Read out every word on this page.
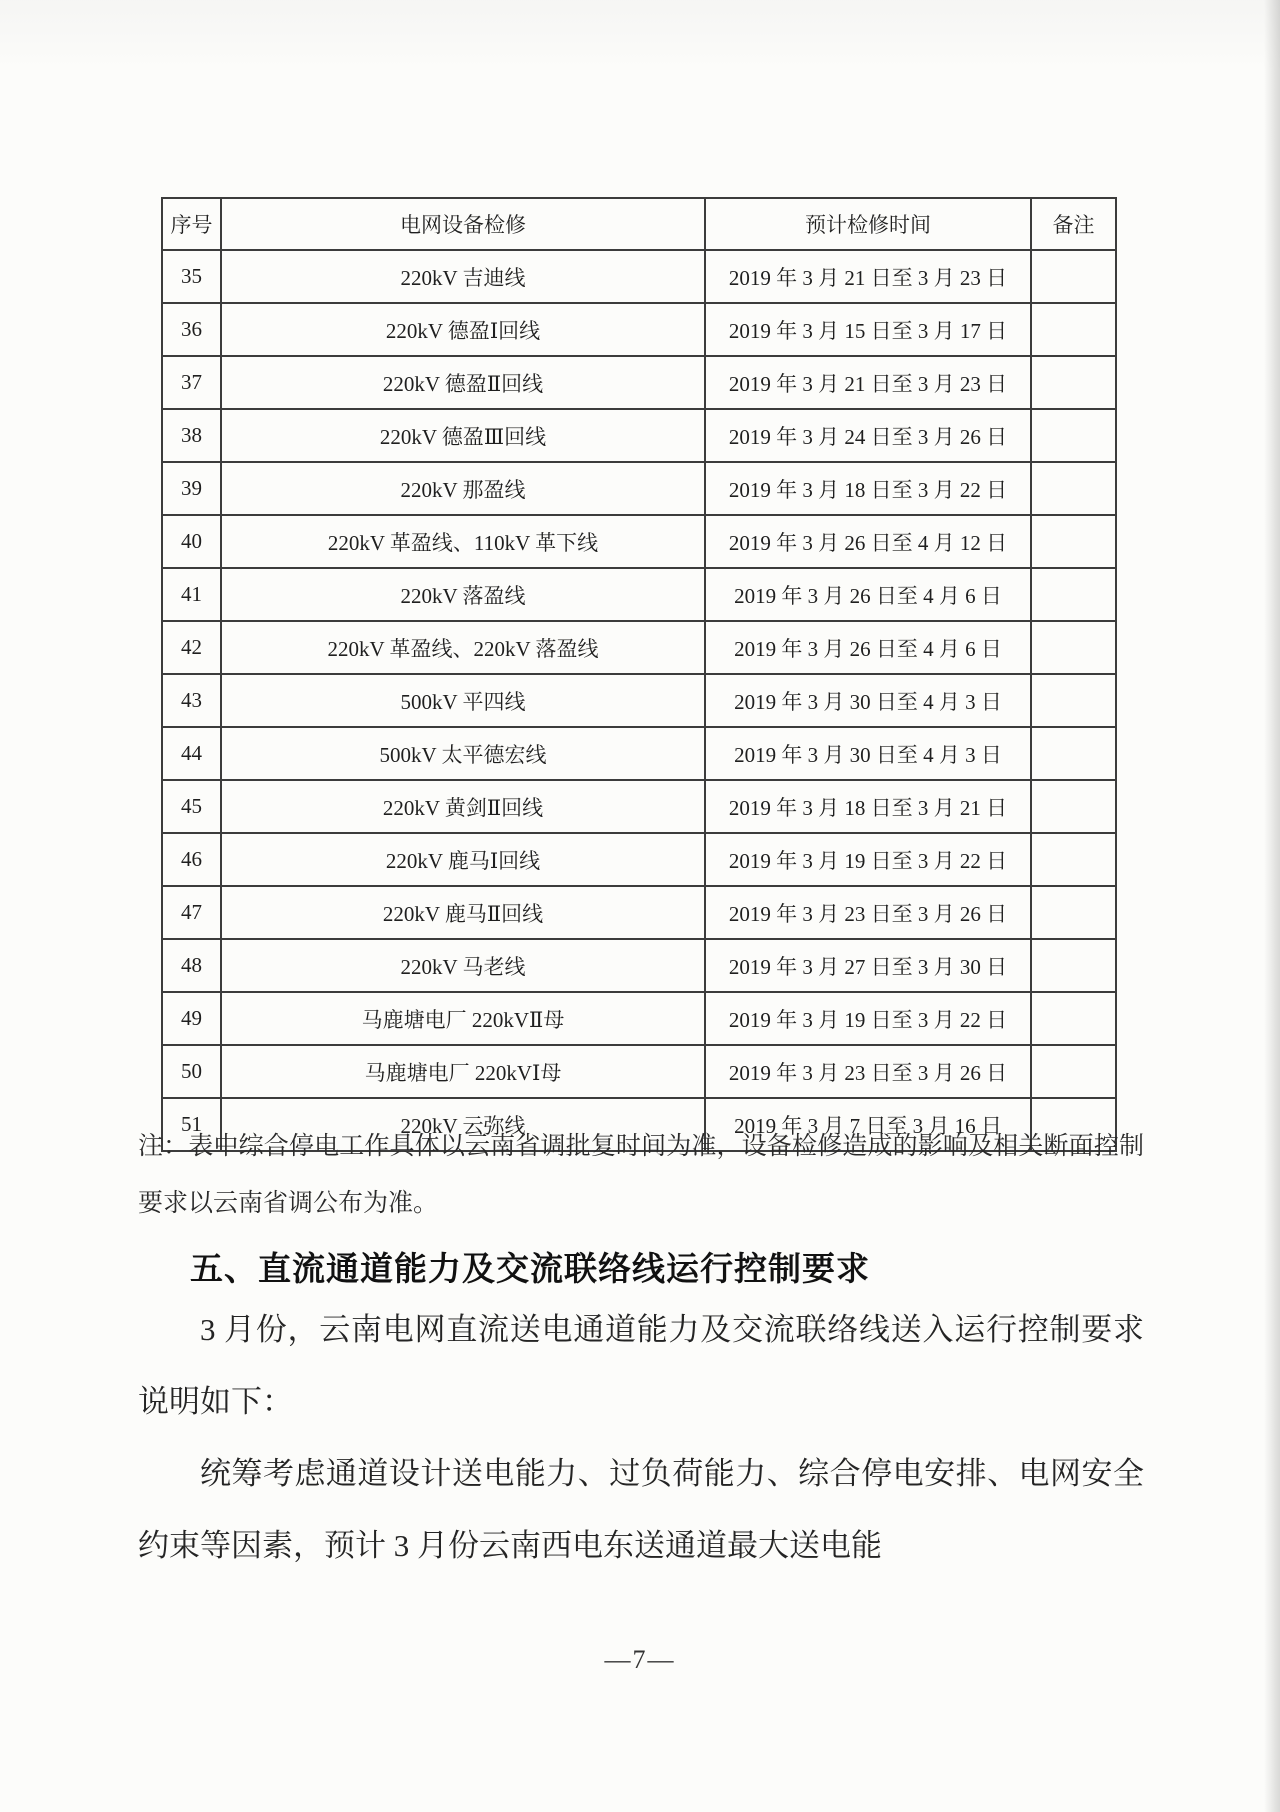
序号	电网设备检修	预计检修时间	备注
35	220kV 吉迪线	2019 年 3 月 21 日至 3 月 23 日	
36	220kV 德盈Ⅰ回线	2019 年 3 月 15 日至 3 月 17 日	
37	220kV 德盈Ⅱ回线	2019 年 3 月 21 日至 3 月 23 日	
38	220kV 德盈Ⅲ回线	2019 年 3 月 24 日至 3 月 26 日	
39	220kV 那盈线	2019 年 3 月 18 日至 3 月 22 日	
40	220kV 革盈线、110kV 革下线	2019 年 3 月 26 日至 4 月 12 日	
41	220kV 落盈线	2019 年 3 月 26 日至 4 月 6 日	
42	220kV 革盈线、220kV 落盈线	2019 年 3 月 26 日至 4 月 6 日	
43	500kV 平四线	2019 年 3 月 30 日至 4 月 3 日	
44	500kV 太平德宏线	2019 年 3 月 30 日至 4 月 3 日	
45	220kV 黄剑Ⅱ回线	2019 年 3 月 18 日至 3 月 21 日	
46	220kV 鹿马Ⅰ回线	2019 年 3 月 19 日至 3 月 22 日	
47	220kV 鹿马Ⅱ回线	2019 年 3 月 23 日至 3 月 26 日	
48	220kV 马老线	2019 年 3 月 27 日至 3 月 30 日	
49	马鹿塘电厂 220kVⅡ母	2019 年 3 月 19 日至 3 月 22 日	
50	马鹿塘电厂 220kVⅠ母	2019 年 3 月 23 日至 3 月 26 日	
51	220kV 云弥线	2019 年 3 月 7 日至 3 月 16 日	
注：表中综合停电工作具体以云南省调批复时间为准，设备检修造成的影响及相关断面控制要求以云南省调公布为准。
五、直流通道能力及交流联络线运行控制要求

3 月份，云南电网直流送电通道能力及交流联络线送入运行控制要求说明如下：

统筹考虑通道设计送电能力、过负荷能力、综合停电安排、电网安全约束等因素，预计 3 月份云南西电东送通道最大送电能

—7—
